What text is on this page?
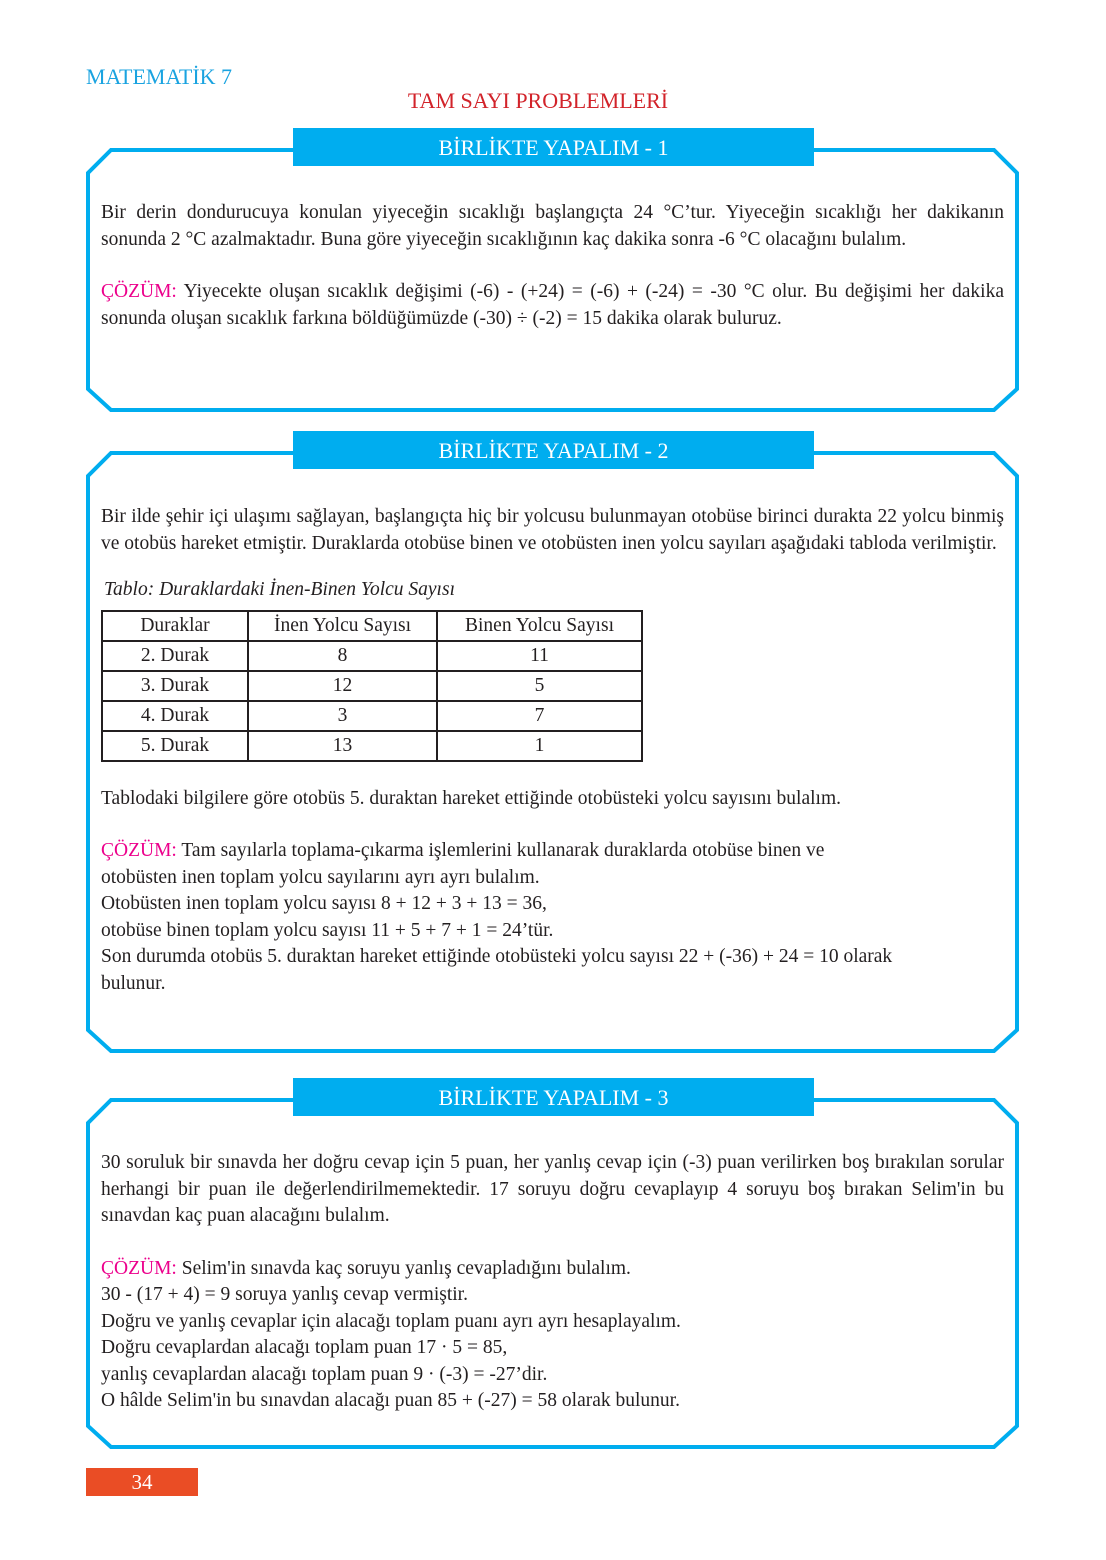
MATEMATİK 7
TAM SAYI PROBLEMLERİ
BİRLİKTE YAPALIM - 1

Bir derin dondurucuya konulan yiyeceğin sıcaklığı başlangıçta 24 °C’tur. Yiyeceğin sıcaklığı her dakikanın sonunda 2 °C azalmaktadır. Buna göre yiyeceğin sıcaklığının kaç dakika sonra -6 °C olacağını bulalım.

ÇÖZÜM: Yiyecekte oluşan sıcaklık değişimi (-6) - (+24) = (-6) + (-24) = -30 °C olur. Bu değişimi her dakika sonunda oluşan sıcaklık farkına böldüğümüzde (-30) ÷ (-2) = 15 dakika olarak buluruz.

BİRLİKTE YAPALIM - 2

Bir ilde şehir içi ulaşımı sağlayan, başlangıçta hiç bir yolcusu bulunmayan otobüse birinci durakta 22 yolcu binmiş ve otobüs hareket etmiştir. Duraklarda otobüse binen ve otobüsten inen yolcu sayıları aşağıdaki tabloda verilmiştir.

Tablo: Duraklardaki İnen-Binen Yolcu Sayısı
Duraklar	İnen Yolcu Sayısı	Binen Yolcu Sayısı
2. Durak	8	11
3. Durak	12	5
4. Durak	3	7
5. Durak	13	1

Tablodaki bilgilere göre otobüs 5. duraktan hareket ettiğinde otobüsteki yolcu sayısını bulalım.

ÇÖZÜM: Tam sayılarla toplama-çıkarma işlemlerini kullanarak duraklarda otobüse binen ve
otobüsten inen toplam yolcu sayılarını ayrı ayrı bulalım.
Otobüsten inen toplam yolcu sayısı 8 + 12 + 3 + 13 = 36,
otobüse binen toplam yolcu sayısı 11 + 5 + 7 + 1 = 24’tür.
Son durumda otobüs 5. duraktan hareket ettiğinde otobüsteki yolcu sayısı 22 + (-36) + 24 = 10 olarak
bulunur.
BİRLİKTE YAPALIM - 3

30 soruluk bir sınavda her doğru cevap için 5 puan, her yanlış cevap için (-3) puan verilirken boş bırakılan sorular herhangi bir puan ile değerlendirilmemektedir. 17 soruyu doğru cevaplayıp 4 soruyu boş bırakan Selim'in bu sınavdan kaç puan alacağını bulalım.

ÇÖZÜM: Selim'in sınavda kaç soruyu yanlış cevapladığını bulalım.
30 - (17 + 4) = 9 soruya yanlış cevap vermiştir.
Doğru ve yanlış cevaplar için alacağı toplam puanı ayrı ayrı hesaplayalım.
Doğru cevaplardan alacağı toplam puan 17 · 5 = 85,
yanlış cevaplardan alacağı toplam puan 9 · (-3) = -27’dir.
O hâlde Selim'in bu sınavdan alacağı puan 85 + (-27) = 58 olarak bulunur.
34
